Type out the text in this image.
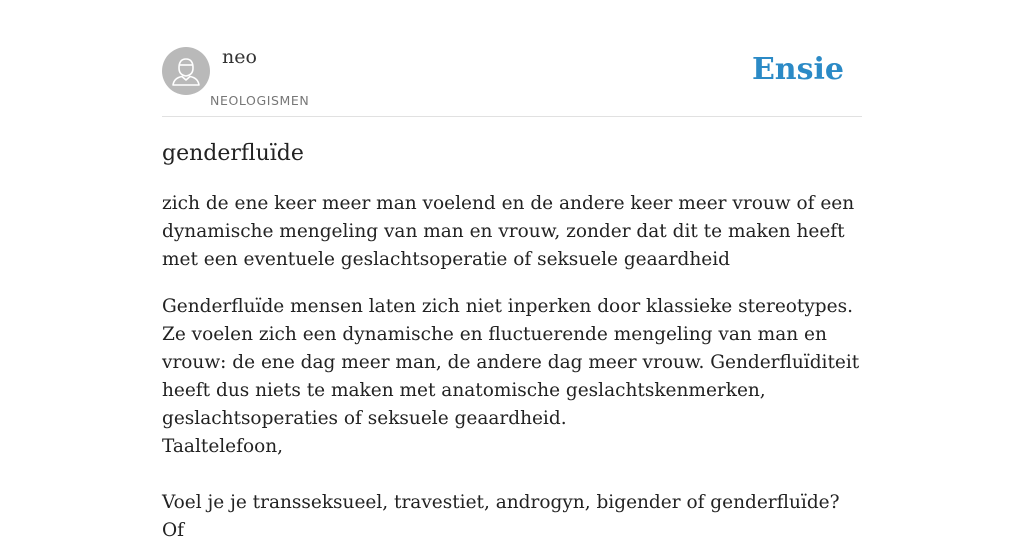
neo
NEOLOGISMEN
Ensie
genderfluïde

zich de ene keer meer man voelend en de andere keer meer vrouw of een dynamische mengeling van man en vrouw, zonder dat dit te maken heeft met een eventuele geslachtsoperatie of seksuele geaardheid

Genderfluïde mensen laten zich niet inperken door klassieke stereotypes. Ze voelen zich een dynamische en fluctuerende mengeling van man en vrouw: de ene dag meer man, de andere dag meer vrouw. Genderfluïditeit heeft dus niets te maken met anatomische geslachtskenmerken, geslachtsoperaties of seksuele geaardheid.
Taaltelefoon,

Voel je je transseksueel, travestiet, androgyn, bigender of genderfluïde? Of
